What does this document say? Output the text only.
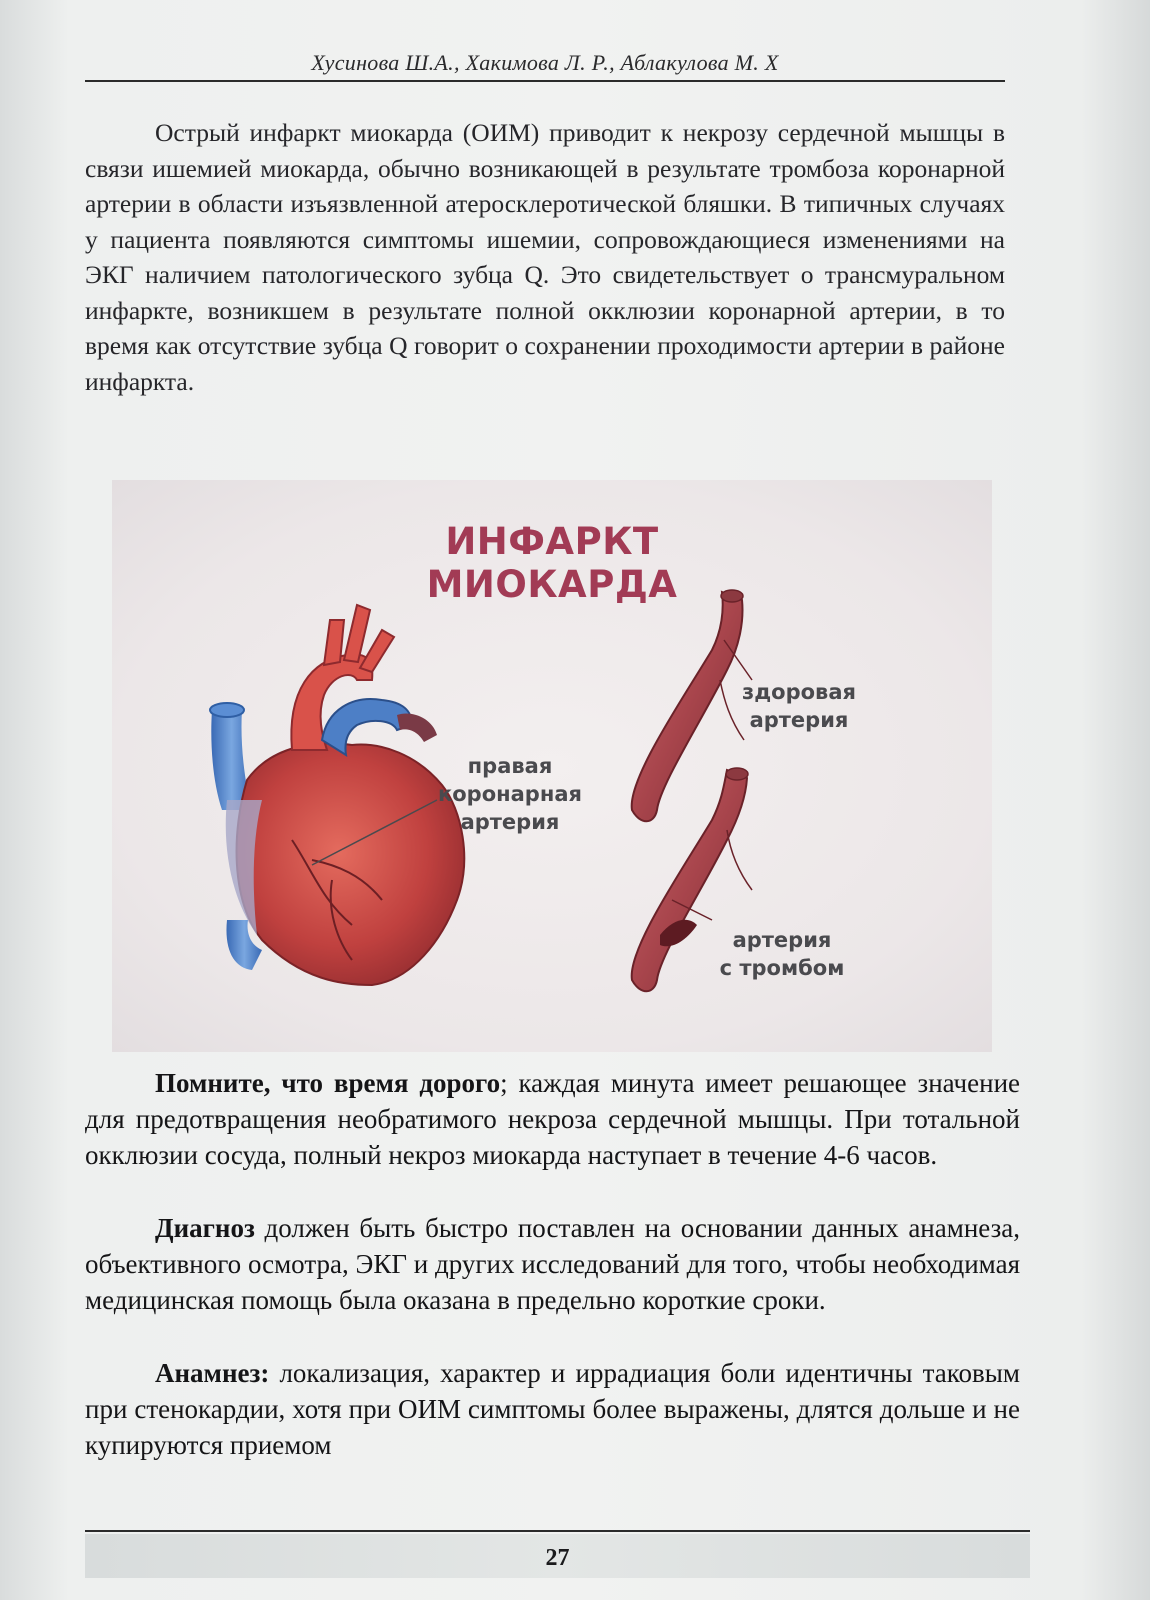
Хусинова Ш.А., Хакимова Л. Р., Аблакулова М. Х

Острый инфаркт миокарда (ОИМ) приводит к некрозу сердечной мышцы в связи ишемией миокарда, обычно возникающей в результате тромбоза коронарной артерии в области изъязвленной атеросклеротической бляшки. В типичных случаях у пациента появляются симптомы ишемии, сопровождающиеся изменениями на ЭКГ наличием патологического зубца Q. Это свидетельствует о трансмуральном инфаркте, возникшем в результате полной окклюзии коронарной артерии, в то время как отсутствие зубца Q говорит о сохранении проходимости артерии в районе инфаркта.

ИНФАРКТ МИОКАРДА
правая
коронарная
артерия
здоровая
артерия
артерия
с тромбом

Помните, что время дорого; каждая минута имеет решающее значение для предотвращения необратимого некроза сердечной мышцы. При тотальной окклюзии сосуда, полный некроз миокарда наступает в течение 4-6 часов.

Диагноз должен быть быстро поставлен на основании данных анамнеза, объективного осмотра, ЭКГ и других исследований для того, чтобы необходимая медицинская помощь была оказана в предельно короткие сроки.

Анамнез: локализация, характер и иррадиация боли идентичны таковым при стенокардии, хотя при ОИМ симптомы более выражены, длятся дольше и не купируются приемом

27
